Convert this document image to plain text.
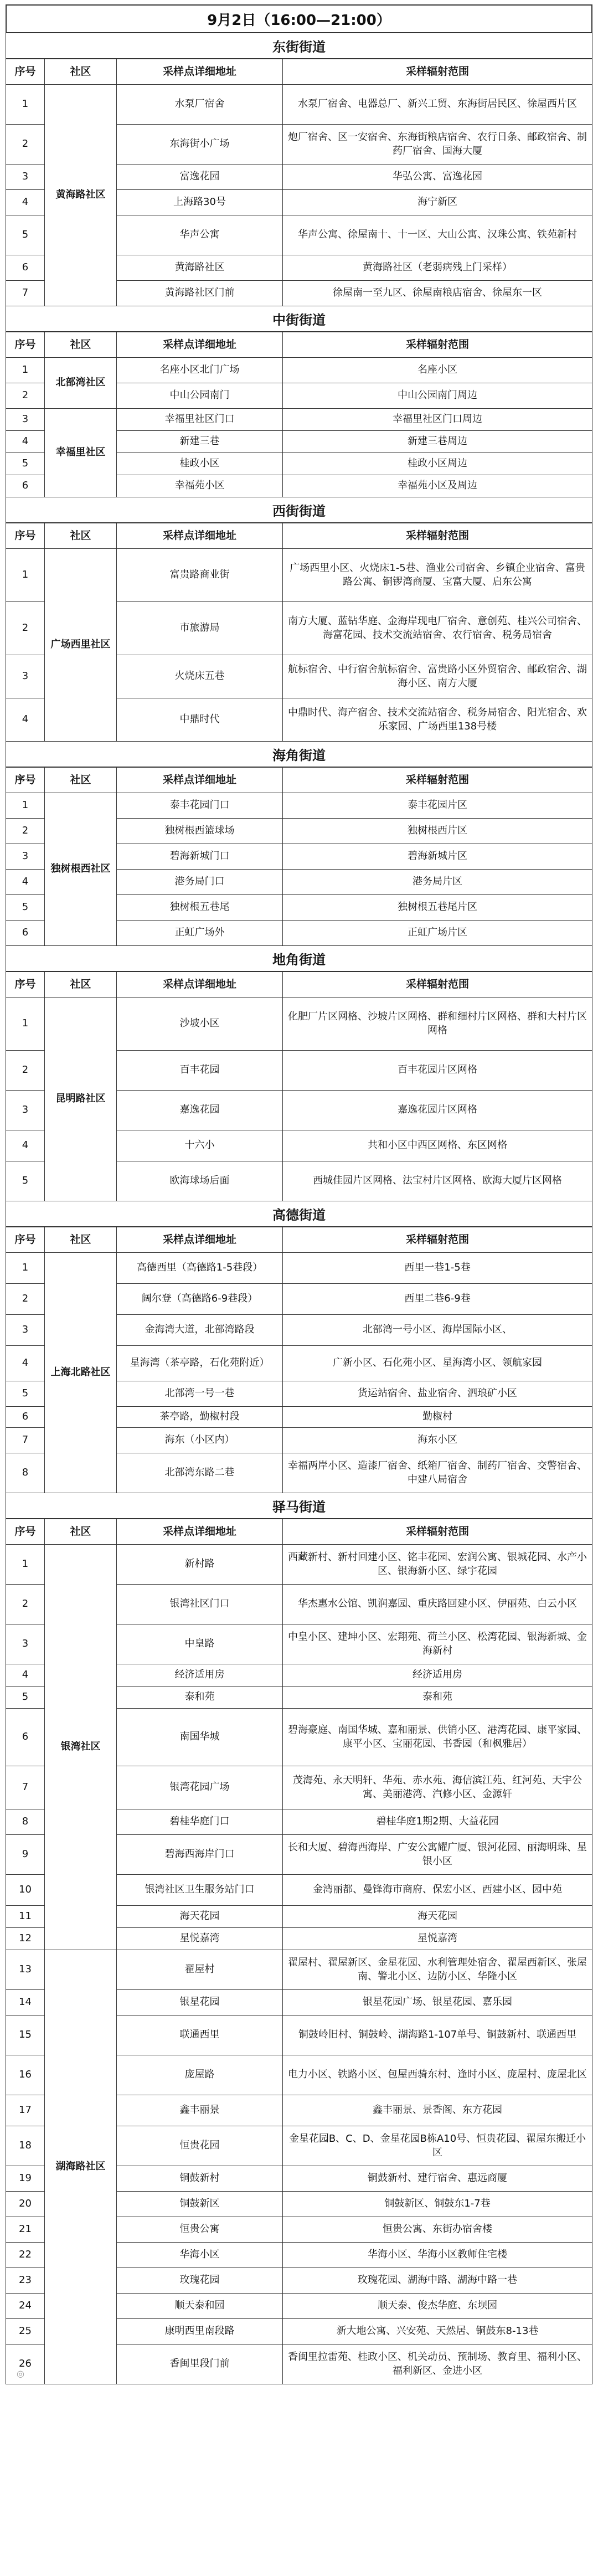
9月2日（16:00—21:00）
东街街道
序号	社区	采样点详细地址	采样辐射范围
1	黄海路社区	水泵厂宿舍	水泵厂宿舍、电器总厂、新兴工贸、东海街居民区、徐屋西片区
2		东海街小广场	炮厂宿舍、区一安宿舍、东海街粮店宿舍、农行日条、邮政宿舍、制药厂宿舍、国海大厦
3		富逸花园	华弘公寓、富逸花园
4		上海路30号	海宁新区
5		华声公寓	华声公寓、徐屋南十、十一区、大山公寓、汉珠公寓、铁苑新村
6		黄海路社区	黄海路社区（老弱病残上门采样）
7		黄海路社区门前	徐屋南一至九区、徐屋南粮店宿舍、徐屋东一区
中街街道
序号	社区	采样点详细地址	采样辐射范围
1	北部湾社区	名座小区北门广场	名座小区
2		中山公园南门	中山公园南门周边
3	幸福里社区	幸福里社区门口	幸福里社区门口周边
4		新建三巷	新建三巷周边
5		桂政小区	桂政小区周边
6		幸福苑小区	幸福苑小区及周边
西街街道
序号	社区	采样点详细地址	采样辐射范围
1	广场西里社区	富贵路商业街	广场西里小区、火烧床1-5巷、渔业公司宿舍、乡镇企业宿舍、富贵路公寓、铜锣湾商厦、宝富大厦、启东公寓
2		市旅游局	南方大厦、蓝钻华庭、金海岸现电厂宿舍、意创苑、桂兴公司宿舍、海富花园、技术交流站宿舍、农行宿舍、税务局宿舍
3		火烧床五巷	航标宿舍、中行宿舍航标宿舍、富贵路小区外贸宿舍、邮政宿舍、湖海小区、南方大厦
4		中鼎时代	中鼎时代、海产宿舍、技术交流站宿舍、税务局宿舍、阳光宿舍、欢乐家园、广场西里138号楼
海角街道
序号	社区	采样点详细地址	采样辐射范围
1	独树根西社区	泰丰花园门口	泰丰花园片区
2		独树根西篮球场	独树根西片区
3		碧海新城门口	碧海新城片区
4		港务局门口	港务局片区
5		独树根五巷尾	独树根五巷尾片区
6		正虹广场外	正虹广场片区
地角街道
序号	社区	采样点详细地址	采样辐射范围
1	昆明路社区	沙坡小区	化肥厂片区网格、沙坡片区网格、群和细村片区网格、群和大村片区网格
2		百丰花园	百丰花园片区网格
3		嘉逸花园	嘉逸花园片区网格
4		十六小	共和小区中西区网格、东区网格
5		欧海球场后面	西城佳园片区网格、法宝村片区网格、欧海大厦片区网格
高德街道
序号	社区	采样点详细地址	采样辐射范围
1	上海北路社区	高德西里（高德路1-5巷段）	西里一巷1-5巷
2		阔尔登（高德路6-9巷段）	西里二巷6-9巷
3		金海湾大道，北部湾路段	北部湾一号小区、海岸国际小区、
4		星海湾（茶亭路，石化苑附近）	广新小区、石化苑小区、星海湾小区、领航家园
5		北部湾一号一巷	货运站宿舍、盐业宿舍、泗琅矿小区
6		茶亭路，勤椒村段	勤椒村
7		海东（小区内）	海东小区
8		北部湾东路二巷	幸福两岸小区、造漆厂宿舍、纸箱厂宿舍、制药厂宿舍、交警宿舍、中建八局宿舍
驿马街道
序号	社区	采样点详细地址	采样辐射范围
1	银湾社区	新村路	西藏新村、新村回建小区、铭丰花园、宏润公寓、银城花园、水产小区、银海新小区、绿宇花园
2		银湾社区门口	华杰惠水公馆、凯润嘉园、重庆路回建小区、伊丽苑、白云小区
3		中皇路	中皇小区、建坤小区、宏翔苑、荷兰小区、松湾花园、银海新城、金海新村
4		经济适用房	经济适用房
5		泰和苑	泰和苑
6		南国华城	碧海豪庭、南国华城、嘉和丽景、供销小区、港湾花园、康平家园、康平小区、宝丽花园、书香园（和枫雅居）
7		银湾花园广场	茂海苑、永天明轩、华苑、赤水苑、海信滨江苑、红河苑、天宇公寓、美丽港湾、汽修小区、金源轩
8		碧桂华庭门口	碧桂华庭1期2期、大益花园
9		碧海西海岸门口	长和大厦、碧海西海岸、广安公寓耀广厦、银河花园、丽海明珠、星银小区
10		银湾社区卫生服务站门口	金湾丽都、曼锋海市商府、保宏小区、西建小区、园中苑
11		海天花园	海天花园
12		星悦嘉湾	星悦嘉湾
13	湖海路社区	翟屋村	翟屋村、翟屋新区、金星花园、水利管理处宿舍、翟屋西新区、张屋南、警北小区、边防小区、华隆小区
14		银星花园	银星花园广场、银星花园、嘉乐园
15		联通西里	铜鼓岭旧村、铜鼓岭、湖海路1-107单号、铜鼓新村、联通西里
16		庞屋路	电力小区、铁路小区、包屋西骑东村、逢时小区、庞屋村、庞屋北区
17		鑫丰丽景	鑫丰丽景、景香阁、东方花园
18		恒贵花园	金星花园B、C、D、金星花园B栋A10号、恒贵花园、翟屋东搬迁小区
19		铜鼓新村	铜鼓新村、建行宿舍、惠远商厦
20		铜鼓新区	铜鼓新区、铜鼓东1-7巷
21		恒贵公寓	恒贵公寓、东街办宿舍楼
22		华海小区	华海小区、华海小区教师住宅楼
23		玫瑰花园	玫瑰花园、湖海中路、湖海中路一巷
24		顺天泰和园	顺天泰、俊杰华庭、东坝园
25		康明西里南段路	新大地公寓、兴安苑、天然居、铜鼓东8-13巷
26		香闽里段门前	香闽里拉雷苑、桂政小区、机关动员、预制场、教育里、福利小区、福利新区、金进小区
◎
